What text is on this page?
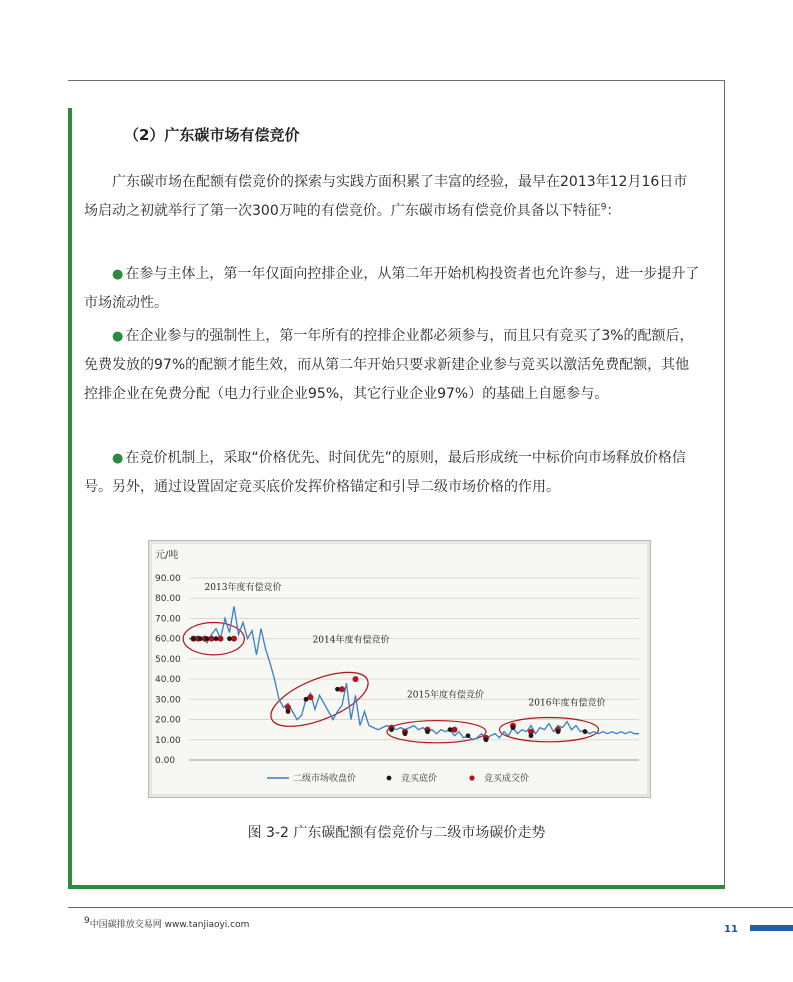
（2）广东碳市场有偿竞价

广东碳市场在配额有偿竞价的探索与实践方面积累了丰富的经验，最早在2013年12月16日市场启动之初就举行了第一次300万吨的有偿竞价。广东碳市场有偿竞价具备以下特征$^9$：

● 在参与主体上，第一年仅面向控排企业，从第二年开始机构投资者也允许参与，进一步提升了市场流动性。

● 在企业参与的强制性上，第一年所有的控排企业都必须参与，而且只有竞买了3%的配额后，免费发放的97%的配额才能生效，而从第二年开始只要求新建企业参与竞买以激活免费配额，其他控排企业在免费分配（电力行业企业95%，其它行业企业97%）的基础上自愿参与。

● 在竞价机制上，采取“价格优先、时间优先”的原则，最后形成统一中标价向市场释放价格信号。另外，通过设置固定竞买底价发挥价格锚定和引导二级市场价格的作用。

元/吨
90.00
80.00
70.00
60.00
50.00
40.00
30.00
20.00
10.00
0.00
2013年度有偿竞价
2014年度有偿竞价
2015年度有偿竞价
2016年度有偿竞价
二级市场收盘价	竞买底价	竞买成交价
图 3-2 广东碳配额有偿竞价与二级市场碳价走势
$^9$中国碳排放交易网 www.tanjiaoyi.com	11
